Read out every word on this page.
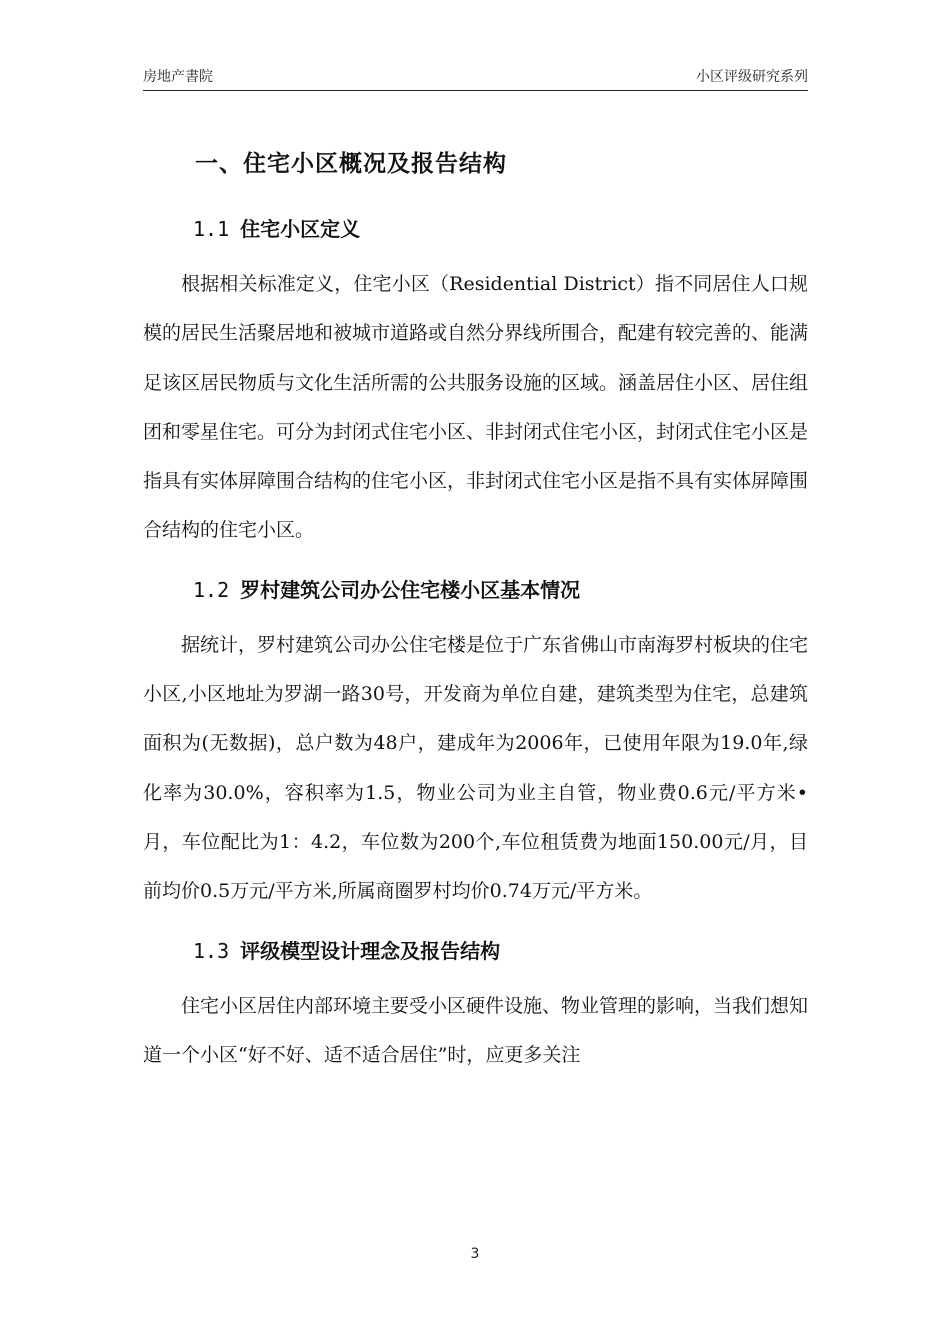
房地产書院	小区评级研究系列
一、住宅小区概况及报告结构
1.1 住宅小区定义

根据相关标准定义，住宅小区（Residential District）指不同居住人口规模的居民生活聚居地和被城市道路或自然分界线所围合，配建有较完善的、能满足该区居民物质与文化生活所需的公共服务设施的区域。涵盖居住小区、居住组团和零星住宅。可分为封闭式住宅小区、非封闭式住宅小区，封闭式住宅小区是指具有实体屏障围合结构的住宅小区，非封闭式住宅小区是指不具有实体屏障围合结构的住宅小区。

1.2 罗村建筑公司办公住宅楼小区基本情况

据统计，罗村建筑公司办公住宅楼是位于广东省佛山市南海罗村板块的住宅小区,小区地址为罗湖一路30号，开发商为单位自建，建筑类型为住宅，总建筑面积为(无数据)，总户数为48户，建成年为2006年，已使用年限为19.0年,绿化率为30.0%，容积率为1.5，物业公司为业主自管，物业费0.6元/平方米•月，车位配比为1：4.2，车位数为200个,车位租赁费为地面150.00元/月，目前均价0.5万元/平方米,所属商圈罗村均价0.74万元/平方米。

1.3 评级模型设计理念及报告结构

住宅小区居住内部环境主要受小区硬件设施、物业管理的影响，当我们想知道一个小区“好不好、适不适合居住”时，应更多关注

3
